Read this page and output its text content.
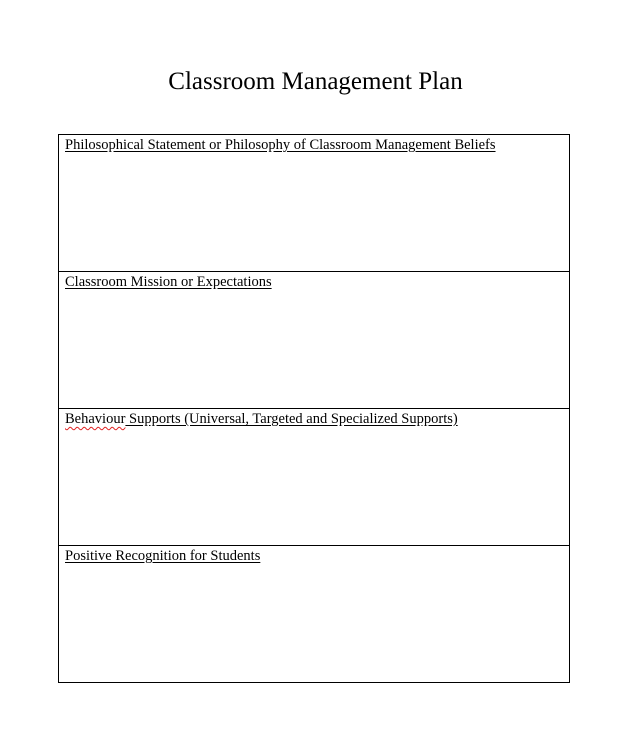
Classroom Management Plan
Philosophical Statement or Philosophy of Classroom Management Beliefs
Classroom Mission or Expectations
Behaviour Supports (Universal, Targeted and Specialized Supports)
Positive Recognition for Students
